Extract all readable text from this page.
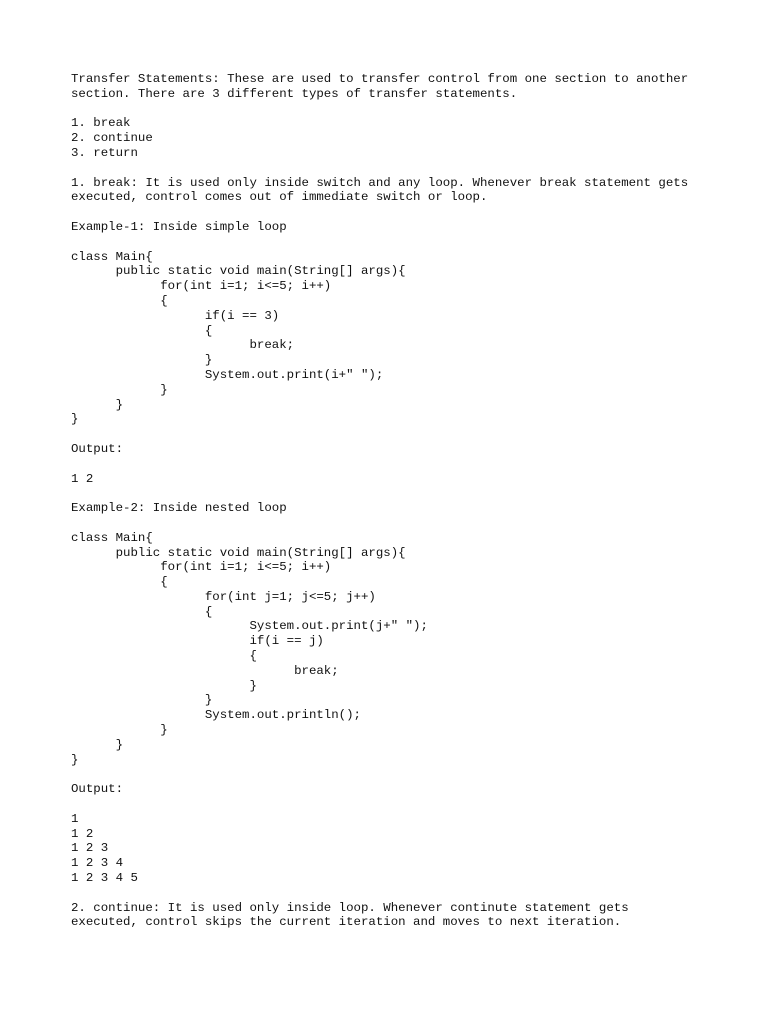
Transfer Statements: These are used to transfer control from one section to another
section. There are 3 different types of transfer statements.
1. break
2. continue
3. return
1. break: It is used only inside switch and any loop. Whenever break statement gets
executed, control comes out of immediate switch or loop.
Example-1: Inside simple loop
class Main{
public static void main(String[] args){
for(int i=1; i<=5; i++)
{
if(i == 3)
{
break;
}
System.out.print(i+" ");
}
}
}
Output:
1 2
Example-2: Inside nested loop
class Main{
public static void main(String[] args){
for(int i=1; i<=5; i++)
{
for(int j=1; j<=5; j++)
{
System.out.print(j+" ");
if(i == j)
{
break;
}
}
System.out.println();
}
}
}
Output:
1
1 2
1 2 3
1 2 3 4
1 2 3 4 5
2. continue: It is used only inside loop. Whenever continute statement gets
executed, control skips the current iteration and moves to next iteration.
